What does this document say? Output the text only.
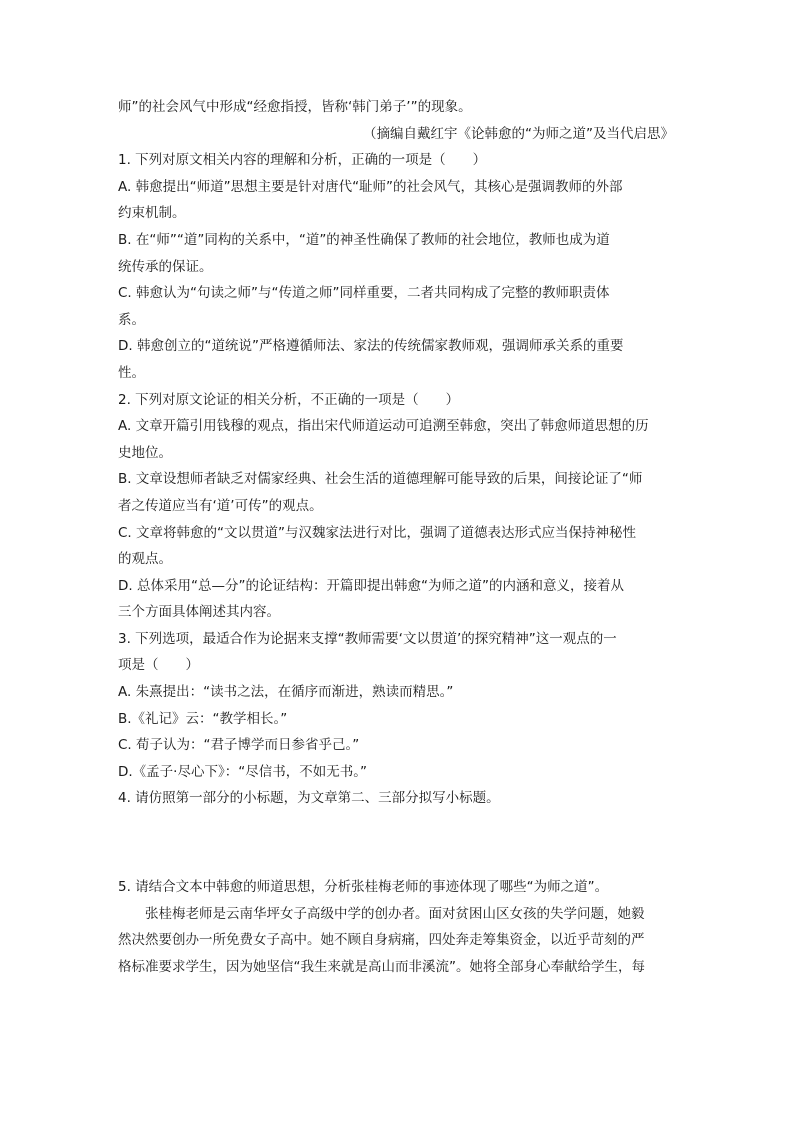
师”的社会风气中形成“经愈指授，皆称‘韩门弟子’”的现象。

（摘编自戴红宇《论韩愈的“为师之道”及当代启思》

1. 下列对原文相关内容的理解和分析，正确的一项是（　　）

A. 韩愈提出“师道”思想主要是针对唐代“耻师”的社会风气，其核心是强调教师的外部

约束机制。

B. 在“师”“道”同构的关系中，“道”的神圣性确保了教师的社会地位，教师也成为道

统传承的保证。

C. 韩愈认为“句读之师”与“传道之师”同样重要，二者共同构成了完整的教师职责体

系。

D. 韩愈创立的“道统说”严格遵循师法、家法的传统儒家教师观，强调师承关系的重要

性。

2. 下列对原文论证的相关分析，不正确的一项是（　　）

A. 文章开篇引用钱穆的观点，指出宋代师道运动可追溯至韩愈，突出了韩愈师道思想的历

史地位。

B. 文章设想师者缺乏对儒家经典、社会生活的道德理解可能导致的后果，间接论证了“师

者之传道应当有‘道’可传”的观点。

C. 文章将韩愈的“文以贯道”与汉魏家法进行对比，强调了道德表达形式应当保持神秘性

的观点。

D. 总体采用“总—分”的论证结构：开篇即提出韩愈“为师之道”的内涵和意义，接着从

三个方面具体阐述其内容。

3. 下列选项，最适合作为论据来支撑“教师需要‘文以贯道’的探究精神”这一观点的一

项是（　　）

A. 朱熹提出：“读书之法，在循序而渐进，熟读而精思。”

B.《礼记》云：“教学相长。”

C. 荀子认为：“君子博学而日参省乎己。”

D.《孟子·尽心下》：“尽信书，不如无书。”

4. 请仿照第一部分的小标题，为文章第二、三部分拟写小标题。

5. 请结合文本中韩愈的师道思想，分析张桂梅老师的事迹体现了哪些“为师之道”。

张桂梅老师是云南华坪女子高级中学的创办者。面对贫困山区女孩的失学问题，她毅

然决然要创办一所免费女子高中。她不顾自身病痛，四处奔走筹集资金，以近乎苛刻的严

格标准要求学生，因为她坚信“我生来就是高山而非溪流”。她将全部身心奉献给学生，每
